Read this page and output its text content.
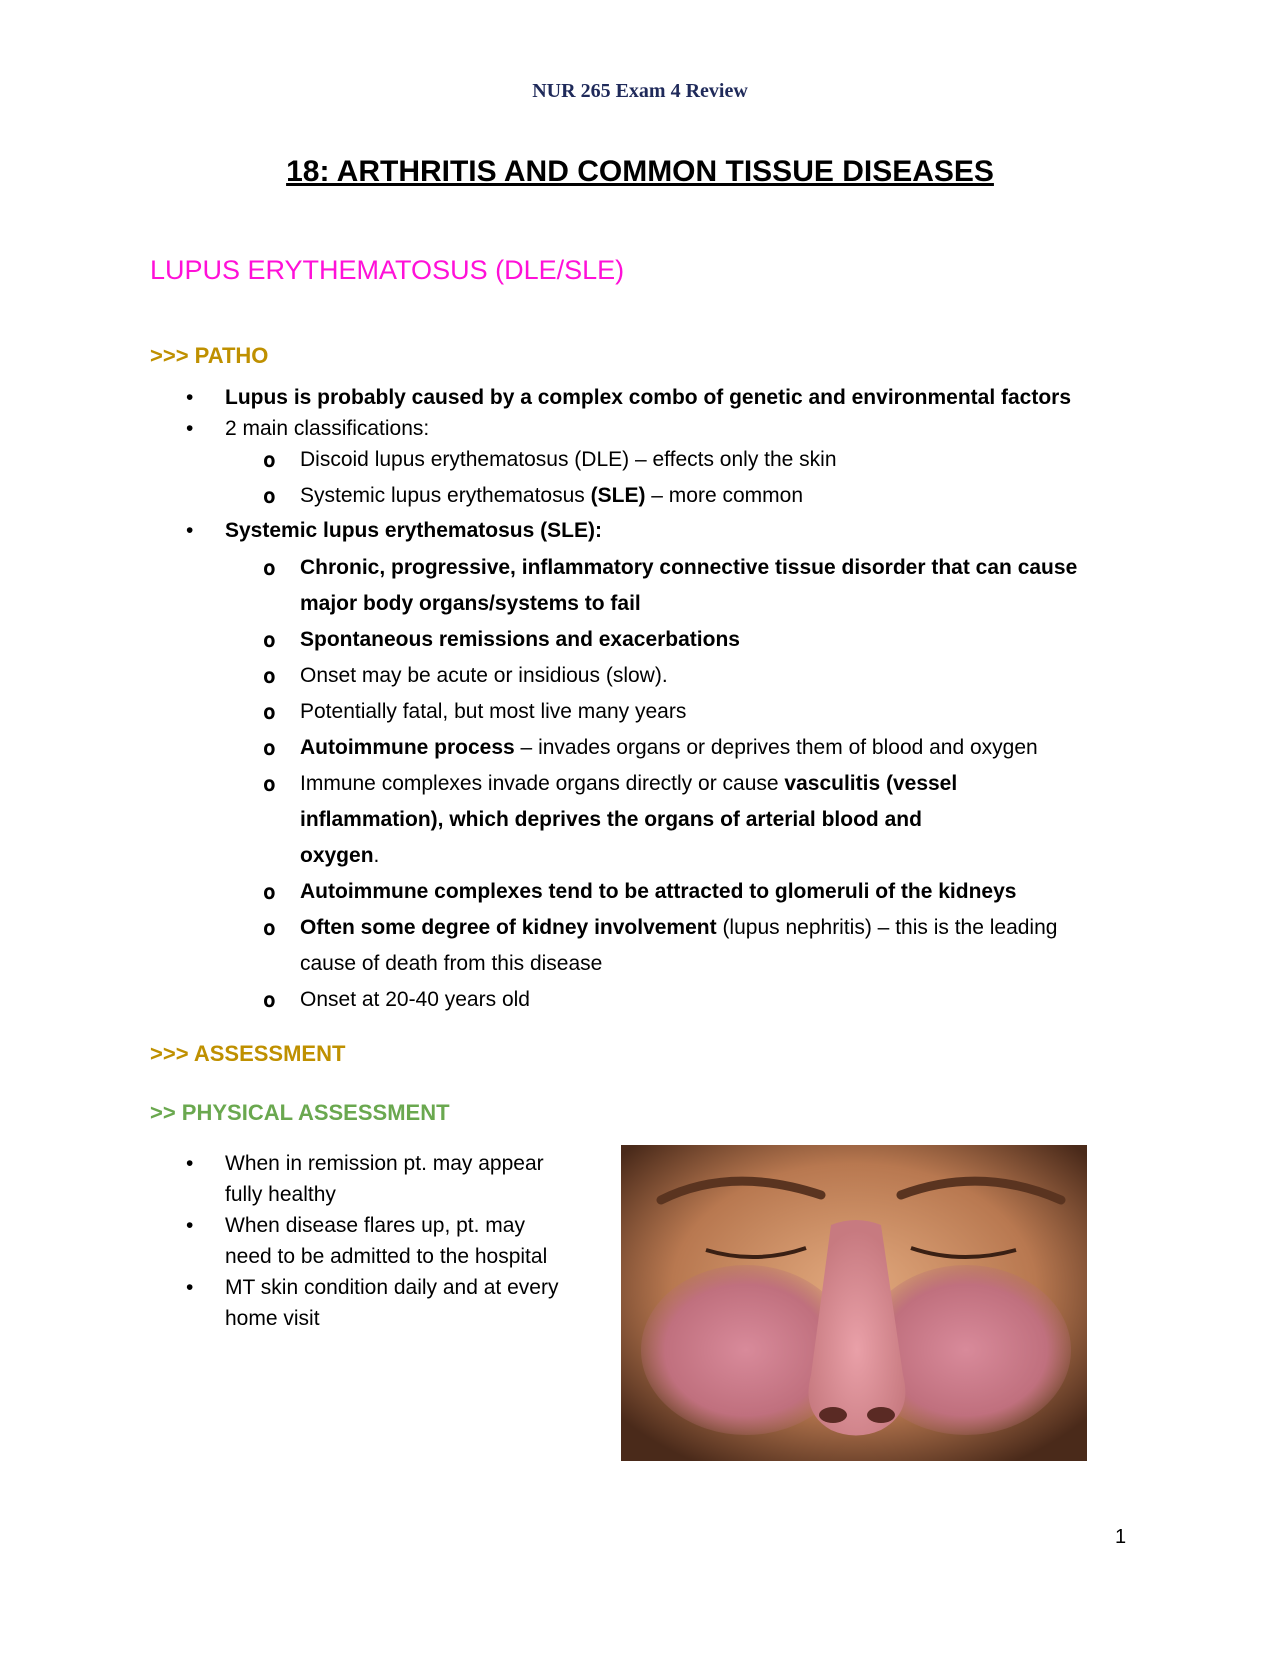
NUR 265 Exam 4 Review
18: ARTHRITIS AND COMMON TISSUE DISEASES
LUPUS ERYTHEMATOSUS (DLE/SLE)
>>> PATHO
• Lupus is probably caused by a complex combo of genetic and environmental factors
• 2 main classifications:
o Discoid lupus erythematosus (DLE) – effects only the skin
o Systemic lupus erythematosus (SLE) – more common
• Systemic lupus erythematosus (SLE):
o Chronic, progressive, inflammatory connective tissue disorder that can cause major body organs/systems to fail
o Spontaneous remissions and exacerbations
o Onset may be acute or insidious (slow).
o Potentially fatal, but most live many years
o Autoimmune process – invades organs or deprives them of blood and oxygen
o Immune complexes invade organs directly or cause vasculitis (vessel inflammation), which deprives the organs of arterial blood and oxygen.
o Autoimmune complexes tend to be attracted to glomeruli of the kidneys
o Often some degree of kidney involvement (lupus nephritis) – this is the leading cause of death from this disease
o Onset at 20-40 years old
>>> ASSESSMENT
>> PHYSICAL ASSESSMENT
• When in remission pt. may appear fully healthy
• When disease flares up, pt. may need to be admitted to the hospital
• MT skin condition daily and at every home visit
1
